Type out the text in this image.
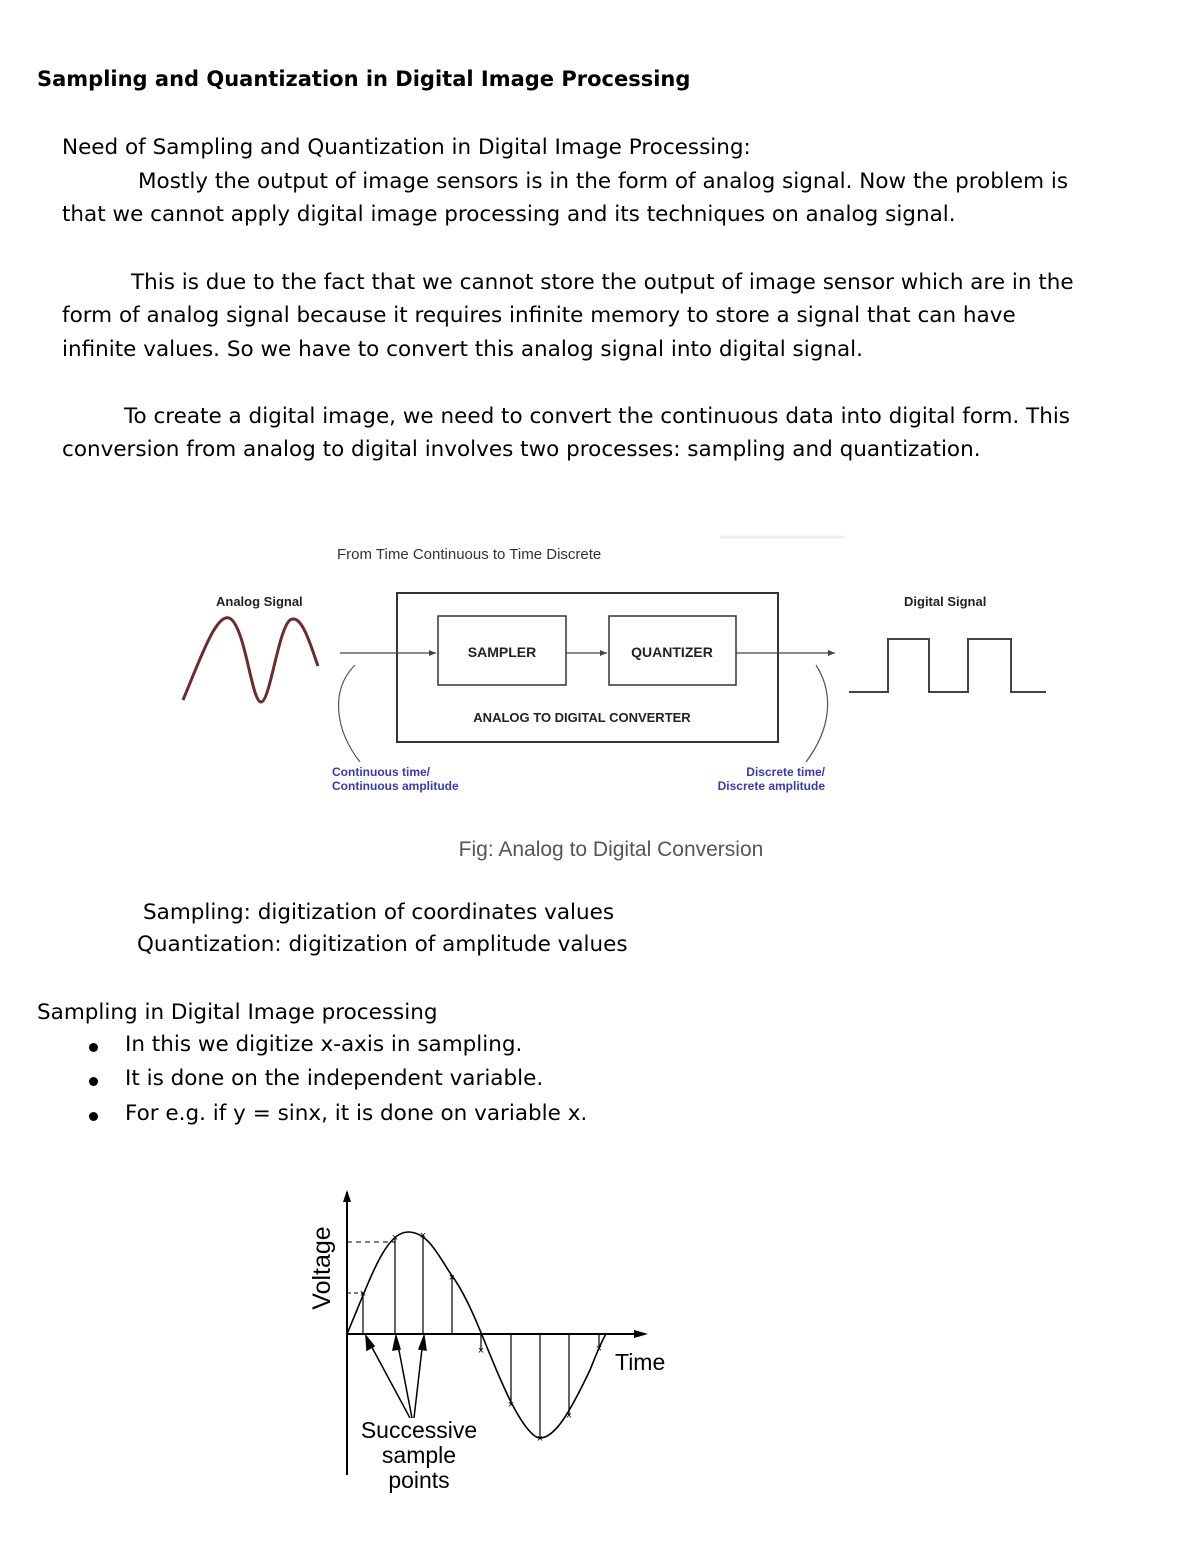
Sampling and Quantization in Digital Image Processing
Need of Sampling and Quantization in Digital Image Processing:
Mostly the output of image sensors is in the form of analog signal. Now the problem is
that we cannot apply digital image processing and its techniques on analog signal.
This is due to the fact that we cannot store the output of image sensor which are in the
form of analog signal because it requires infinite memory to store a signal that can have
infinite values. So we have to convert this analog signal into digital signal.
To create a digital image, we need to convert the continuous data into digital form. This
conversion from analog to digital involves two processes: sampling and quantization.
From Time Continuous to Time Discrete
Analog Signal	Digital Signal
SAMPLER	QUANTIZER
ANALOG TO DIGITAL CONVERTER
Continuous time/
Continuous amplitude
Discrete time/
Discrete amplitude
Fig: Analog to Digital Conversion
Sampling: digitization of coordinates values
Quantization: digitization of amplitude values
Sampling in Digital Image processing
In this we digitize x-axis in sampling.
It is done on the independent variable.
For e.g. if y = sinx, it is done on variable x.
Voltage
Time
×
× ×
×
×
×
×
×
×
Successive
sample
points
